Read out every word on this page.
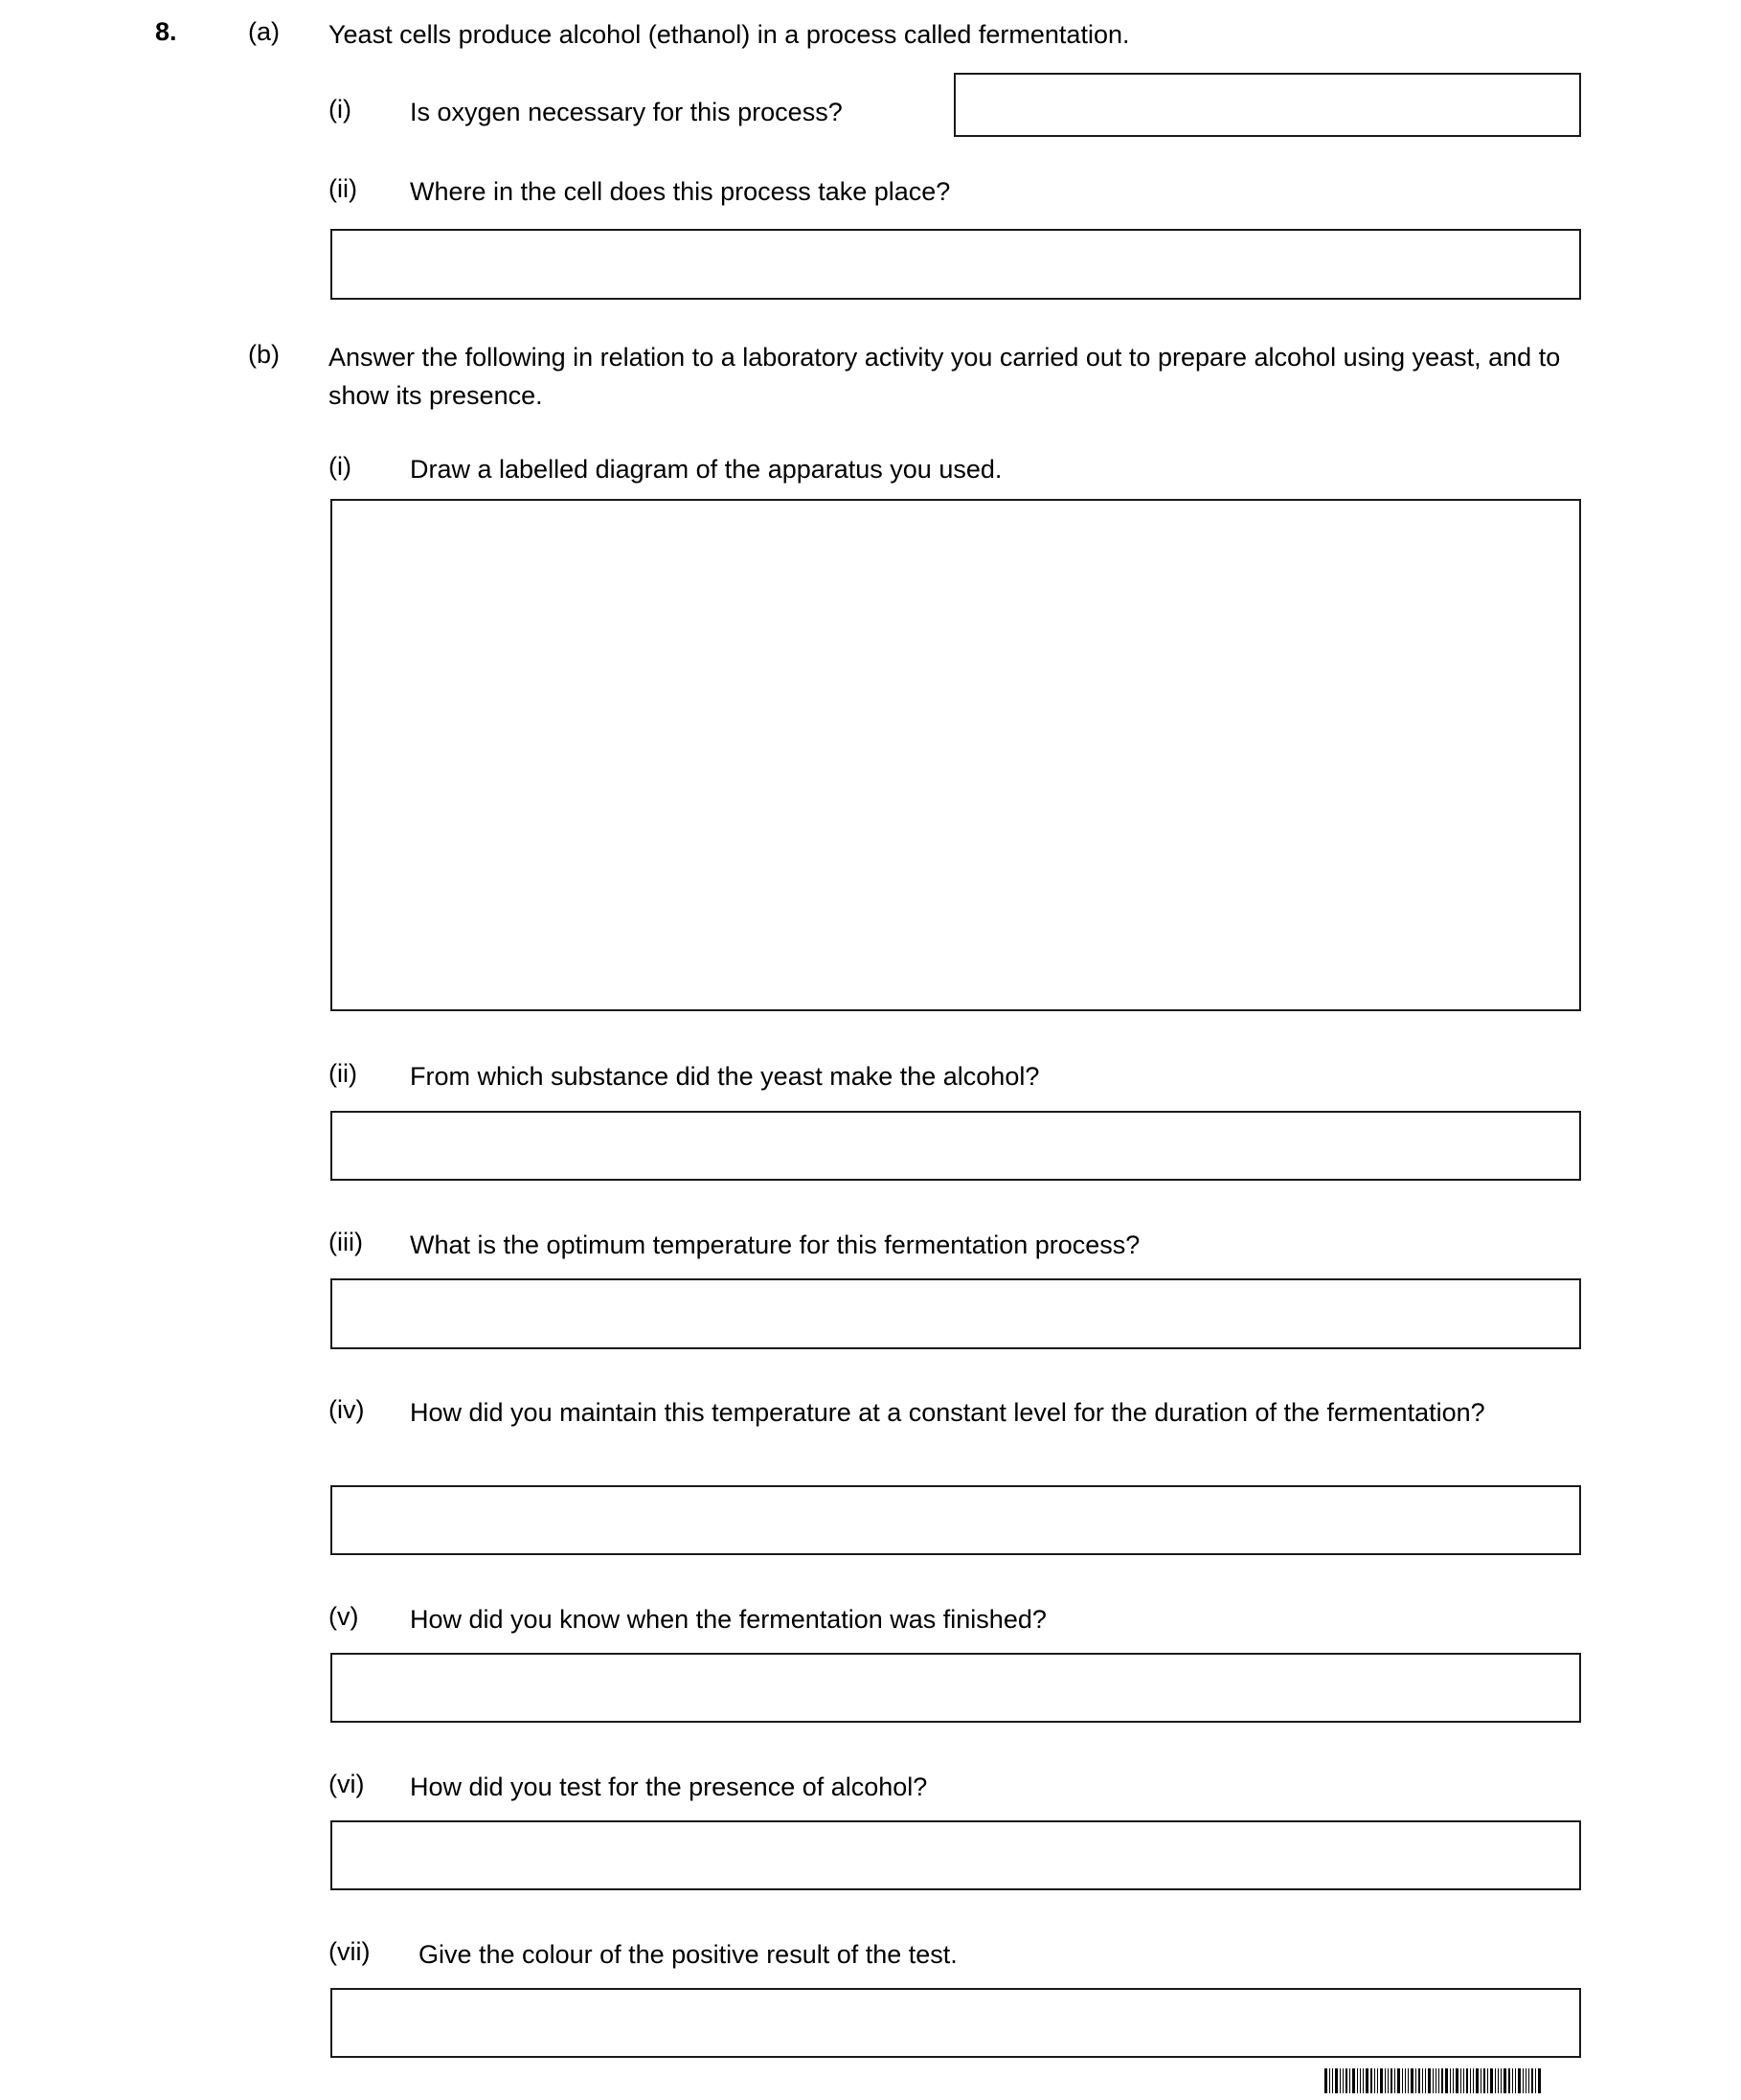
8.	(a) Yeast cells produce alcohol (ethanol) in a process called fermentation.
(i) Is oxygen necessary for this process?
(ii) Where in the cell does this process take place?
(b) Answer the following in relation to a laboratory activity you carried out to prepare alcohol using yeast, and to show its presence.
(i) Draw a labelled diagram of the apparatus you used.
(ii) From which substance did the yeast make the alcohol?
(iii) What is the optimum temperature for this fermentation process?
(iv) How did you maintain this temperature at a constant level for the duration of the fermentation?
(v) How did you know when the fermentation was finished?
(vi) How did you test for the presence of alcohol?
(vii) Give the colour of the positive result of the test.
